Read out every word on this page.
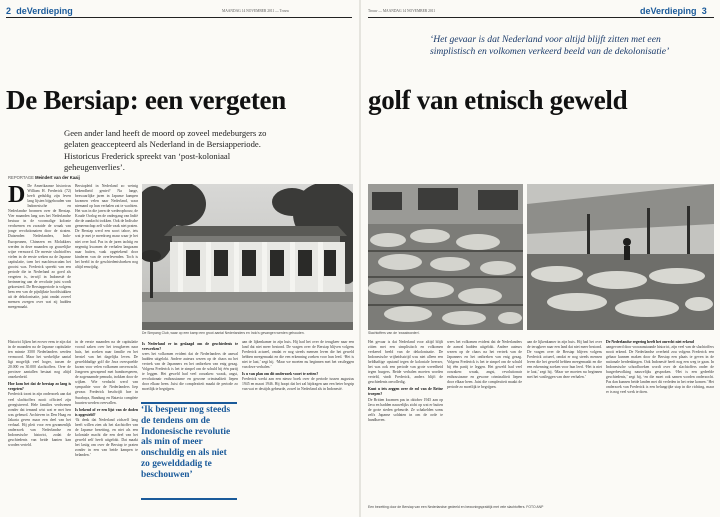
2 deVerdieping	MAANDAG 14 NOVEMBER 2011 — Trouw	Trouw — MAANDAG 14 NOVEMBER 2011	deVerdieping 3
‘Het gevaar is dat Nederland voor altijd blijft zitten met een simplistisch en volkomen verkeerd beeld van de dekolonisatie’
De Bersiap: een vergeten	golf van etnisch geweld
Geen ander land heeft de moord op zoveel medeburgers zo gelaten geaccepteerd als Nederland in de Bersiapperiode. Historicus Frederick spreekt van ‘post-koloniaal geheugenverlies’.
REPORTAGE Meindert van der Kaaij
D De Amerikaanse historicus William H. Frederick (72) heeft geduldig zijn leven lang lijsten bijgehouden van Indonesische en Nederlandse bronnen over de Bersiap. Vier maanden lang was het Nederlandse bestuur in de voormalige kolonie verdwenen en zwaaide de wraak van jonge revolutionairen door de straten. Duizenden Nederlanders, Indo-Europeanen, Chinezen en Molukkers werden in deze maanden op gruwelijke wijze vermoord. De meeste slachtoffers vielen in de eerste weken na de Japanse capitulatie, toen het machtsvacuüm het grootst was. Frederick spreekt van een periode die in Nederland zo goed als vergeten is, terwijl in Indonesië de herinnering aan de revolutie juist wordt gekoesterd. De Bersiapperiode is volgens hem een van de pijnlijkste hoofdstukken uit de dekolonisatie, juist omdat zoveel mensen zwegen over wat zij hadden meegemaakt.
Bersiapleid in Nederland zo weinig bekendheid geniet? Na lange, bezwaarlijke jaren in Japanse kampen kwamen velen naar Nederland, waar niemand op hun verhalen zat te wachten. Het was in die jaren de wederopbouw, de Koude Oorlog en de ondergang van Indië die de aandacht trokken. Ook de Indische gemeenschap zelf wilde vaak niet praten. De Bersiap werd een soort taboe, iets wat je met je meedroeg maar waar je het niet over had. Pas in de jaren tachtig en negentig kwamen de verhalen langzaam naar buiten, vaak opgetekend door kinderen van de overlevenden. Toch is het beeld in de geschiedenisboeken nog altijd eenzijdig.
De Simpang Club, waar op een kamp een groot aantal Nederlanders en Indo’s gevangen werden gehouden.
Historici lijken het erover eens te zijn dat in de maanden na de Japanse capitulatie ten minste 3500 Nederlanders werden vermoord. Maar het werkelijke aantal ligt mogelijk veel hoger, tussen de 20.000 en 30.000 slachtoffers. Over de precieze aantallen bestaat nog altijd onzekerheid.
Hoe kom het dat de bersiap zo lang is vergeten?
Frederick toont in zijn onderzoek aan dat veel slachtoffers nooit officieel zijn geregistreerd. Hele families verdwenen zonder dat iemand wist wat er met hen was gebeurd. Archieven in Den Haag en Jakarta geven maar een deel van het verhaal. Hij pleit voor een gezamenlijk onderzoek van Nederlandse en Indonesische historici, zodat de geschiedenis van beide kanten kan worden verteld.
in de eerste maanden na de capitulatie vooral zaken over het terugkeren naar huis, het zoeken naar familie en het herstel van het dagelijks leven. De gewelddadige golf die Java overspoelde kwam voor velen volkomen onverwacht. Jongeren gewapend met bamboesperen, de zogenaamde pemuda, trokken door de wijken. Wie verdacht werd van sympathie voor de Nederlanders liep gevaar. Frederick beschrijft hoe in Surabaya, Bandung en Batavia complete buurten werden overvallen.
Is bekend of er een lijst van de doden is opgesteld?
‘Ik denk dat Nederland zichzelf lang heeft willen zien als het slachtoffer van de Japanse bezetting, en niet als een koloniale macht die een deel van het geweld zelf heeft uitgelokt. Dat maakt het lastig om over de Bersiap te praten zonder in een van beide kampen te belanden.’
Is Nederland er in geslaagd om de geschiedenis te verwerken?
wees het volkomen evident dat de Nederlanders de aanval hadden uitgelokt. Andere auteurs wezen op de chaos na het vertrek van de Japanners en het ontbreken van enig gezag. Volgens Frederick is het te simpel om de schuld bij één partij te leggen. Het geweld had veel oorzaken: wraak, angst, revolutionair enthousiasme en gewone criminaliteit liepen door elkaar heen. Juist die complexiteit maakt de periode zo moeilijk te begrijpen.
‘Ik bespeur nog steeds de tendens om de Indonesische revolutie als min of meer onschuldig en als niet zo gewelddadig te beschouwen’
aan de lijkenkamer in zijn huis. Hij had het over de terugkeer naar een land dat niet meer bestond. De vragen over de Bersiap blijven volgens Frederick actueel, omdat er nog steeds mensen leven die het geweld hebben meegemaakt en die een erkenning zoeken voor hun leed. ‘Het is niet te laat,’ zegt hij. ‘Maar we moeten nu beginnen met het vastleggen van deze verhalen.’
Is u van plan om dit onderzoek voort te zetten?
Frederick werkt aan een nieuw boek over de periode tussen augustus 1945 en maart 1946. Hij hoopt dat het zal bijdragen aan een beter begrip van wat er destijds gebeurde, zowel in Nederland als in Indonesië.
Slachtoffers van de ‘zwaaiworden’.
Het gevaar is dat Nederland voor altijd blijft zitten met een simplistisch en volkomen verkeerd beeld van de dekolonisatie. De Indonesische vrijheidsstrijd was niet alleen een heldhaftige opstand tegen de koloniale heerser, het was ook een periode van grote wreedheid tegen burgers. Beide verhalen moeten worden verteld, vindt Frederick, anders blijft de geschiedenis onvolledig.
Kunt u iets zeggen over de rol van de Britse troepen?
De Britten kwamen pas in oktober 1945 aan op Java en hadden nauwelijks zicht op wat er buiten de grote steden gebeurde. Ze schakelden soms zelfs Japanse soldaten in om de orde te handhaven.
wees het volkomen evident dat de Nederlanders de aanval hadden uitgelokt. Andere auteurs wezen op de chaos na het vertrek van de Japanners en het ontbreken van enig gezag. Volgens Frederick is het te simpel om de schuld bij één partij te leggen. Het geweld had veel oorzaken: wraak, angst, revolutionair enthousiasme en gewone criminaliteit liepen door elkaar heen. Juist die complexiteit maakt de periode zo moeilijk te begrijpen.
aan de lijkenkamer in zijn huis. Hij had het over de terugkeer naar een land dat niet meer bestond. De vragen over de Bersiap blijven volgens Frederick actueel, omdat er nog steeds mensen leven die het geweld hebben meegemaakt en die een erkenning zoeken voor hun leed. ‘Het is niet te laat,’ zegt hij. ‘Maar we moeten nu beginnen met het vastleggen van deze verhalen.’
Een bezetting door de Bersiap van een Nederlandse gedeeld en bewoningspraktijk met vele slachtoffers. FOTO ANP
De Nederlandse regering heeft het onrecht niet erkend
aangevoerd door vooraanstaande historici, zijn veel van de slachtoffers nooit erkend. De Nederlandse overheid zou volgens Frederick een gebaar kunnen maken door de Bersiap een plaats te geven in de nationale herdenkingen. Ook Indonesië heeft nog een weg te gaan. In Indonesische schoolboeken wordt over de slachtoffers onder de burgerbevolking nauwelijks gesproken. ‘Het is een gedeelde geschiedenis,’ zegt hij, ‘en die moet ook samen worden onderzocht. Pas dan kunnen beide landen met dit verleden in het reine komen.’ Het onderzoek van Frederick is een belangrijke stap in die richting, maar er is nog veel werk te doen.
